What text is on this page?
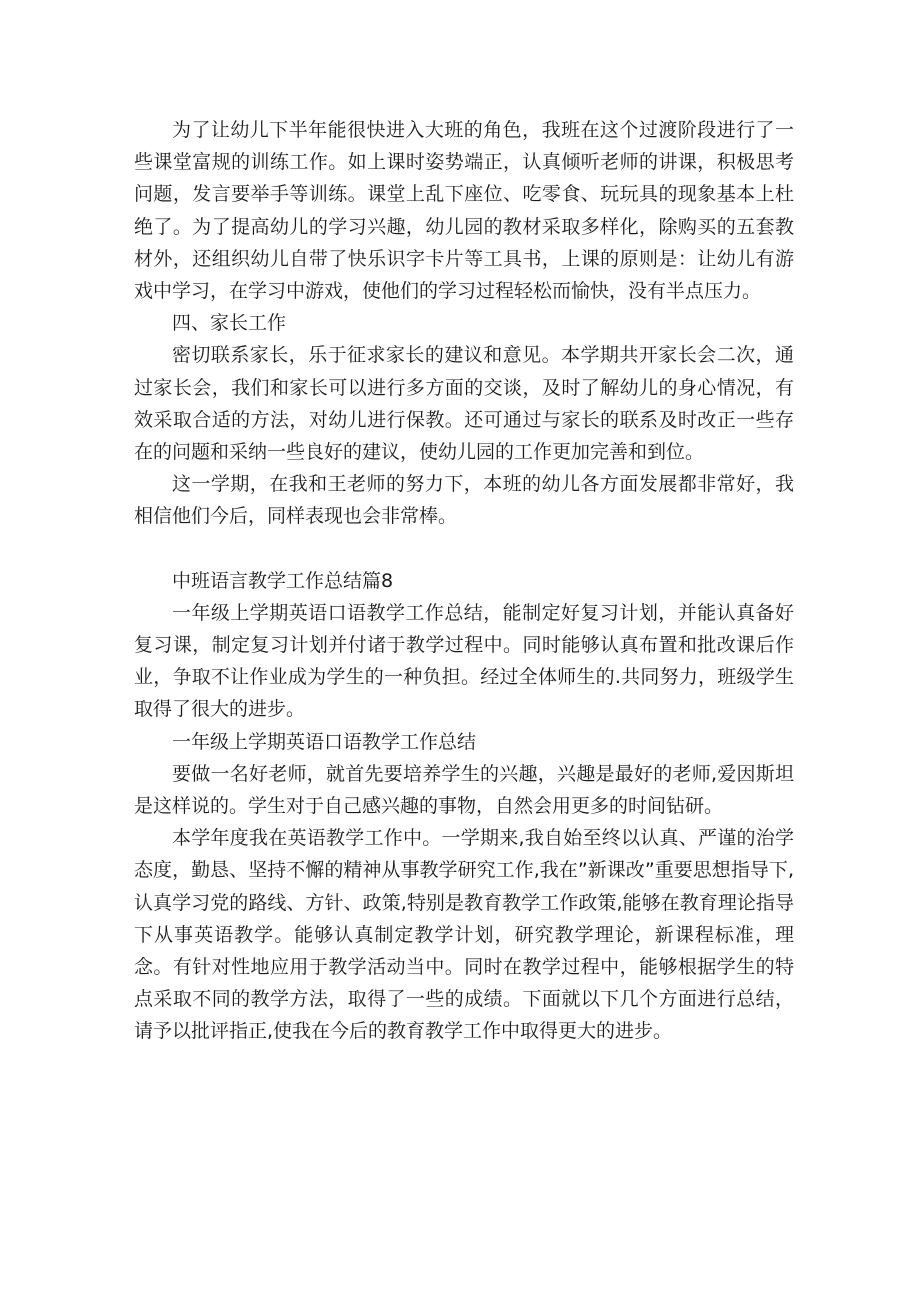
为了让幼儿下半年能很快进入大班的角色，我班在这个过渡阶段进行了一些课堂富规的训练工作。如上课时姿势端正，认真倾听老师的讲课，积极思考问题，发言要举手等训练。课堂上乱下座位、吃零食、玩玩具的现象基本上杜绝了。为了提高幼儿的学习兴趣，幼儿园的教材采取多样化，除购买的五套教材外，还组织幼儿自带了快乐识字卡片等工具书，上课的原则是：让幼儿有游戏中学习，在学习中游戏，使他们的学习过程轻松而愉快，没有半点压力。

四、家长工作

密切联系家长，乐于征求家长的建议和意见。本学期共开家长会二次，通过家长会，我们和家长可以进行多方面的交谈，及时了解幼儿的身心情况，有效采取合适的方法，对幼儿进行保教。还可通过与家长的联系及时改正一些存在的问题和采纳一些良好的建议，使幼儿园的工作更加完善和到位。

这一学期，在我和王老师的努力下，本班的幼儿各方面发展都非常好，我相信他们今后，同样表现也会非常棒。

中班语言教学工作总结篇8

一年级上学期英语口语教学工作总结，能制定好复习计划，并能认真备好复习课，制定复习计划并付诸于教学过程中。同时能够认真布置和批改课后作业，争取不让作业成为学生的一种负担。经过全体师生的.共同努力，班级学生取得了很大的进步。

一年级上学期英语口语教学工作总结

要做一名好老师，就首先要培养学生的兴趣，兴趣是最好的老师,爱因斯坦是这样说的。学生对于自己感兴趣的事物，自然会用更多的时间钻研。

本学年度我在英语教学工作中。一学期来,我自始至终以认真、严谨的治学态度，勤恳、坚持不懈的精神从事教学研究工作,我在”新课改”重要思想指导下,认真学习党的路线、方针、政策,特别是教育教学工作政策,能够在教育理论指导下从事英语教学。能够认真制定教学计划，研究教学理论，新课程标准，理念。有针对性地应用于教学活动当中。同时在教学过程中，能够根据学生的特点采取不同的教学方法，取得了一些的成绩。下面就以下几个方面进行总结，请予以批评指正,使我在今后的教育教学工作中取得更大的进步。
